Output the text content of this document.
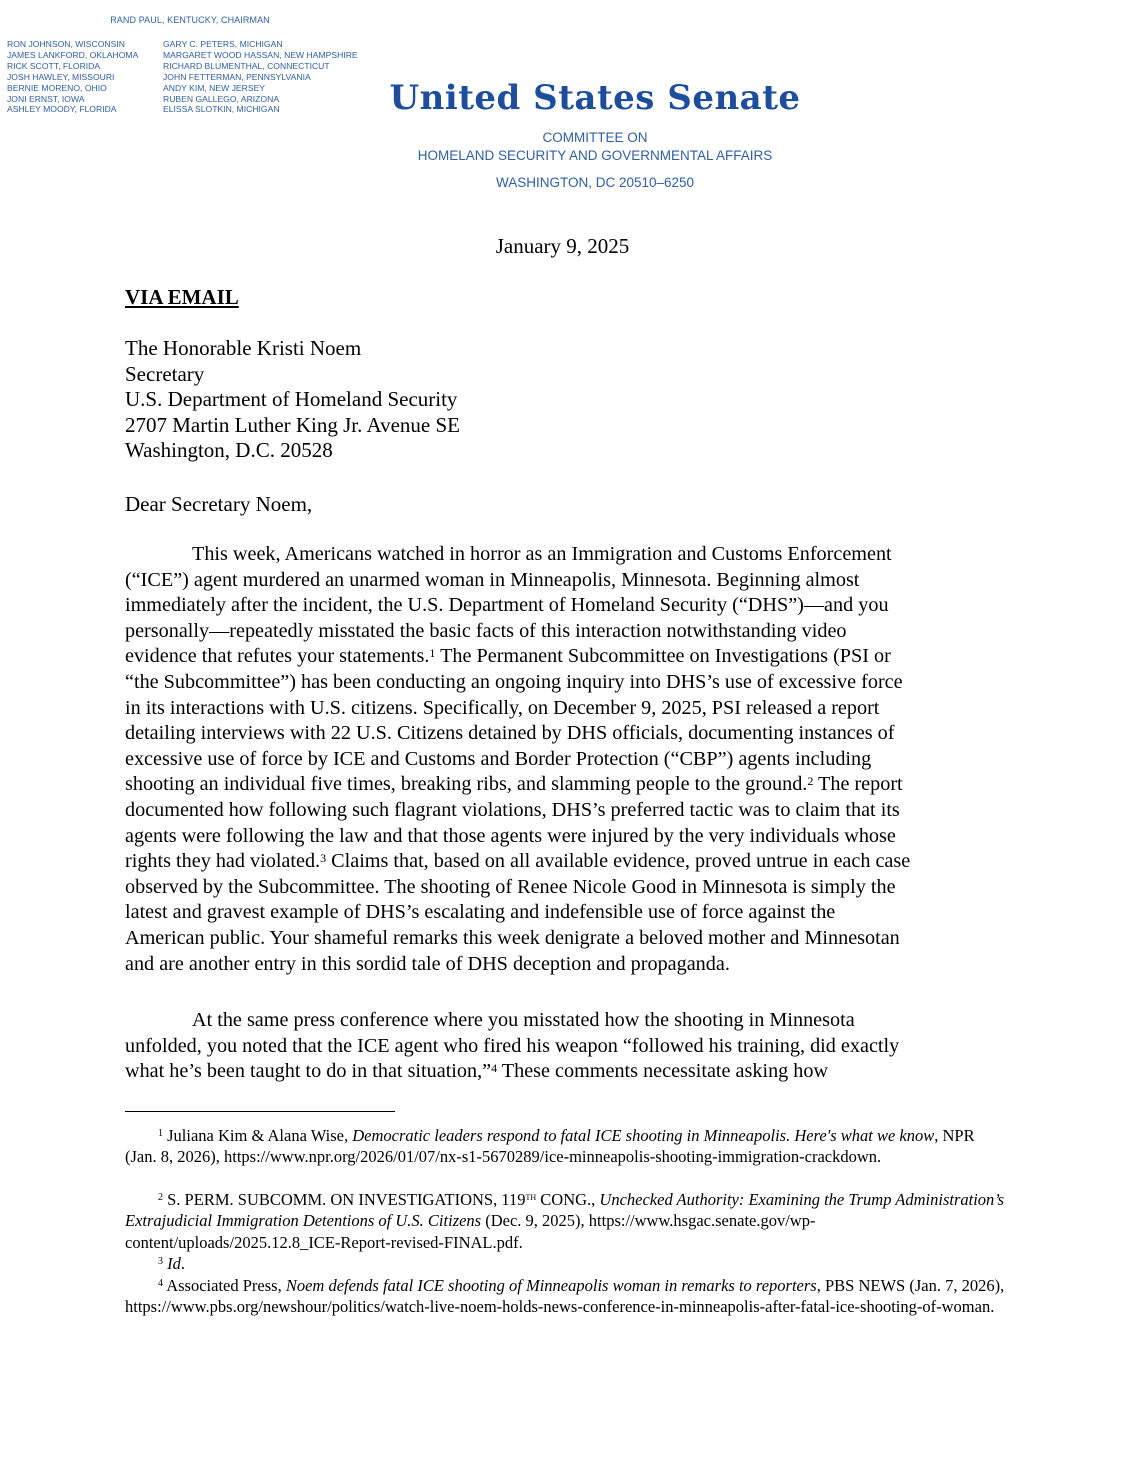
RAND PAUL, KENTUCKY, CHAIRMAN
RON JOHNSON, WISCONSIN
JAMES LANKFORD, OKLAHOMA
RICK SCOTT, FLORIDA
JOSH HAWLEY, MISSOURI
BERNIE MORENO, OHIO
JONI ERNST, IOWA
ASHLEY MOODY, FLORIDA
GARY C. PETERS, MICHIGAN
MARGARET WOOD HASSAN, NEW HAMPSHIRE
RICHARD BLUMENTHAL, CONNECTICUT
JOHN FETTERMAN, PENNSYLVANIA
ANDY KIM, NEW JERSEY
RUBEN GALLEGO, ARIZONA
ELISSA SLOTKIN, MICHIGAN	United States Senate
COMMITTEE ON
HOMELAND SECURITY AND GOVERNMENTAL AFFAIRS
WASHINGTON, DC 20510–6250
January 9, 2025
VIA EMAIL
The Honorable Kristi Noem
Secretary
U.S. Department of Homeland Security
2707 Martin Luther King Jr. Avenue SE
Washington, D.C. 20528
Dear Secretary Noem,
This week, Americans watched in horror as an Immigration and Customs Enforcement
(“ICE”) agent murdered an unarmed woman in Minneapolis, Minnesota. Beginning almost
immediately after the incident, the U.S. Department of Homeland Security (“DHS”)—and you
personally—repeatedly misstated the basic facts of this interaction notwithstanding video
evidence that refutes your statements.$^1$ The Permanent Subcommittee on Investigations (PSI or
“the Subcommittee”) has been conducting an ongoing inquiry into DHS’s use of excessive force
in its interactions with U.S. citizens. Specifically, on December 9, 2025, PSI released a report
detailing interviews with 22 U.S. Citizens detained by DHS officials, documenting instances of
excessive use of force by ICE and Customs and Border Protection (“CBP”) agents including
shooting an individual five times, breaking ribs, and slamming people to the ground.$^2$ The report
documented how following such flagrant violations, DHS’s preferred tactic was to claim that its
agents were following the law and that those agents were injured by the very individuals whose
rights they had violated.$^3$ Claims that, based on all available evidence, proved untrue in each case
observed by the Subcommittee. The shooting of Renee Nicole Good in Minnesota is simply the
latest and gravest example of DHS’s escalating and indefensible use of force against the
American public. Your shameful remarks this week denigrate a beloved mother and Minnesotan
and are another entry in this sordid tale of DHS deception and propaganda.
At the same press conference where you misstated how the shooting in Minnesota
unfolded, you noted that the ICE agent who fired his weapon “followed his training, did exactly
what he’s been taught to do in that situation,”$^4$ These comments necessitate asking how
$^1$ Juliana Kim & Alana Wise, Democratic leaders respond to fatal ICE shooting in Minneapolis. Here's what we know, NPR (Jan. 8, 2026), https://www.npr.org/2026/01/07/nx-s1-5670289/ice-minneapolis-shooting-immigration-crackdown.
$^2$ S. PERM. SUBCOMM. ON INVESTIGATIONS, 119TH CONG., Unchecked Authority: Examining the Trump Administration’s Extrajudicial Immigration Detentions of U.S. Citizens (Dec. 9, 2025), https://www.hsgac.senate.gov/wp-content/uploads/2025.12.8_ICE-Report-revised-FINAL.pdf.
$^3$ Id.
$^4$ Associated Press, Noem defends fatal ICE shooting of Minneapolis woman in remarks to reporters, PBS NEWS (Jan. 7, 2026), https://www.pbs.org/newshour/politics/watch-live-noem-holds-news-conference-in-minneapolis-after-fatal-ice-shooting-of-woman.
